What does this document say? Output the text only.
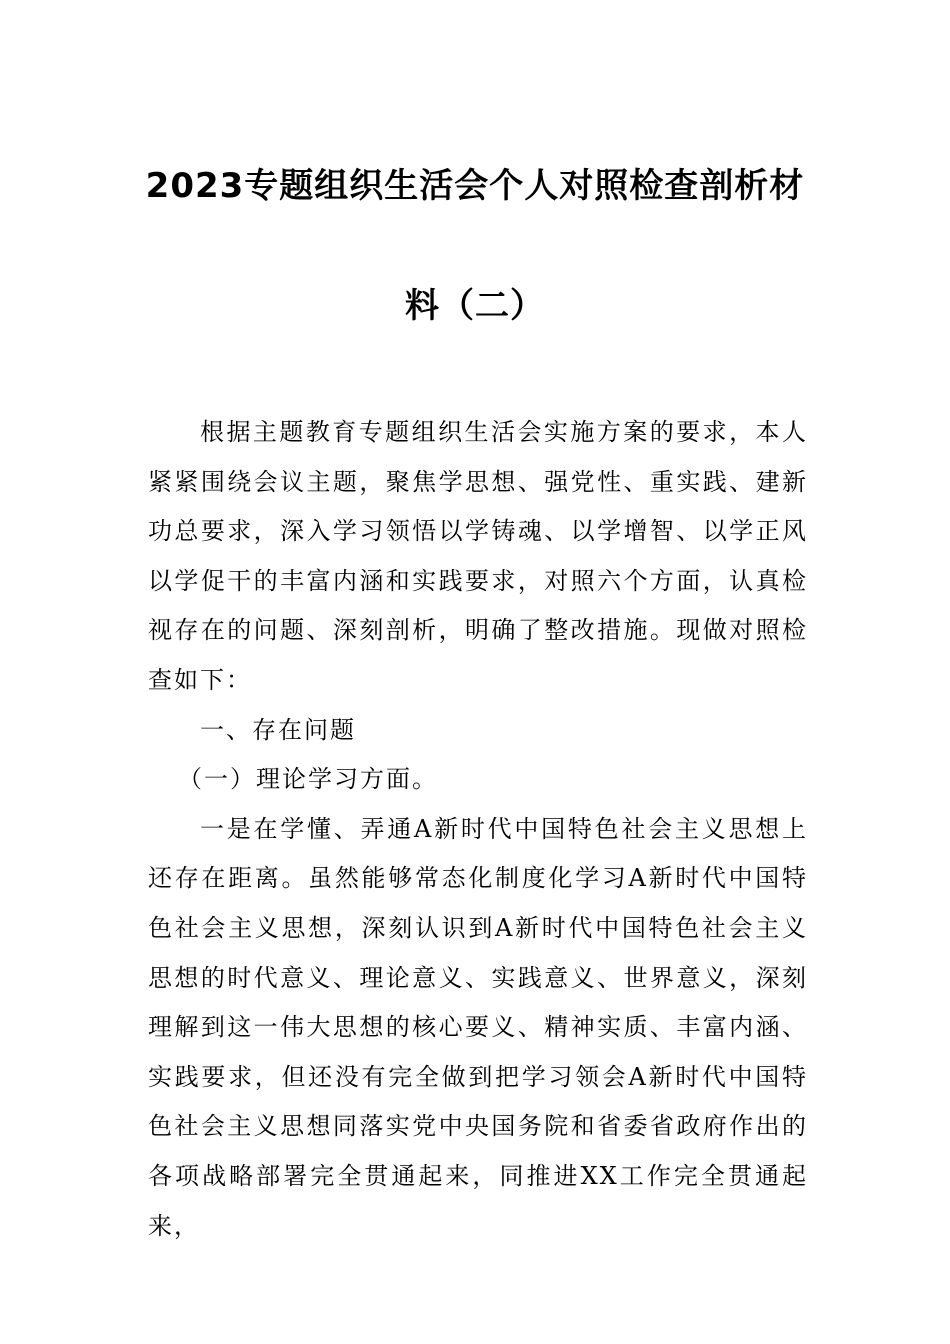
2023专题组织生活会个人对照检查剖析材
料（二）

根据主题教育专题组织生活会实施方案的要求，本人紧紧围绕会议主题，聚焦学思想、强党性、重实践、建新功总要求，深入学习领悟以学铸魂、以学增智、以学正风以学促干的丰富内涵和实践要求，对照六个方面，认真检视存在的问题、深刻剖析，明确了整改措施。现做对照检查如下：

一、存在问题

（一）理论学习方面。

一是在学懂、弄通A新时代中国特色社会主义思想上还存在距离。虽然能够常态化制度化学习A新时代中国特色社会主义思想，深刻认识到A新时代中国特色社会主义思想的时代意义、理论意义、实践意义、世界意义，深刻理解到这一伟大思想的核心要义、精神实质、丰富内涵、实践要求，但还没有完全做到把学习领会A新时代中国特色社会主义思想同落实党中央国务院和省委省政府作出的各项战略部署完全贯通起来，同推进XX工作完全贯通起来，
